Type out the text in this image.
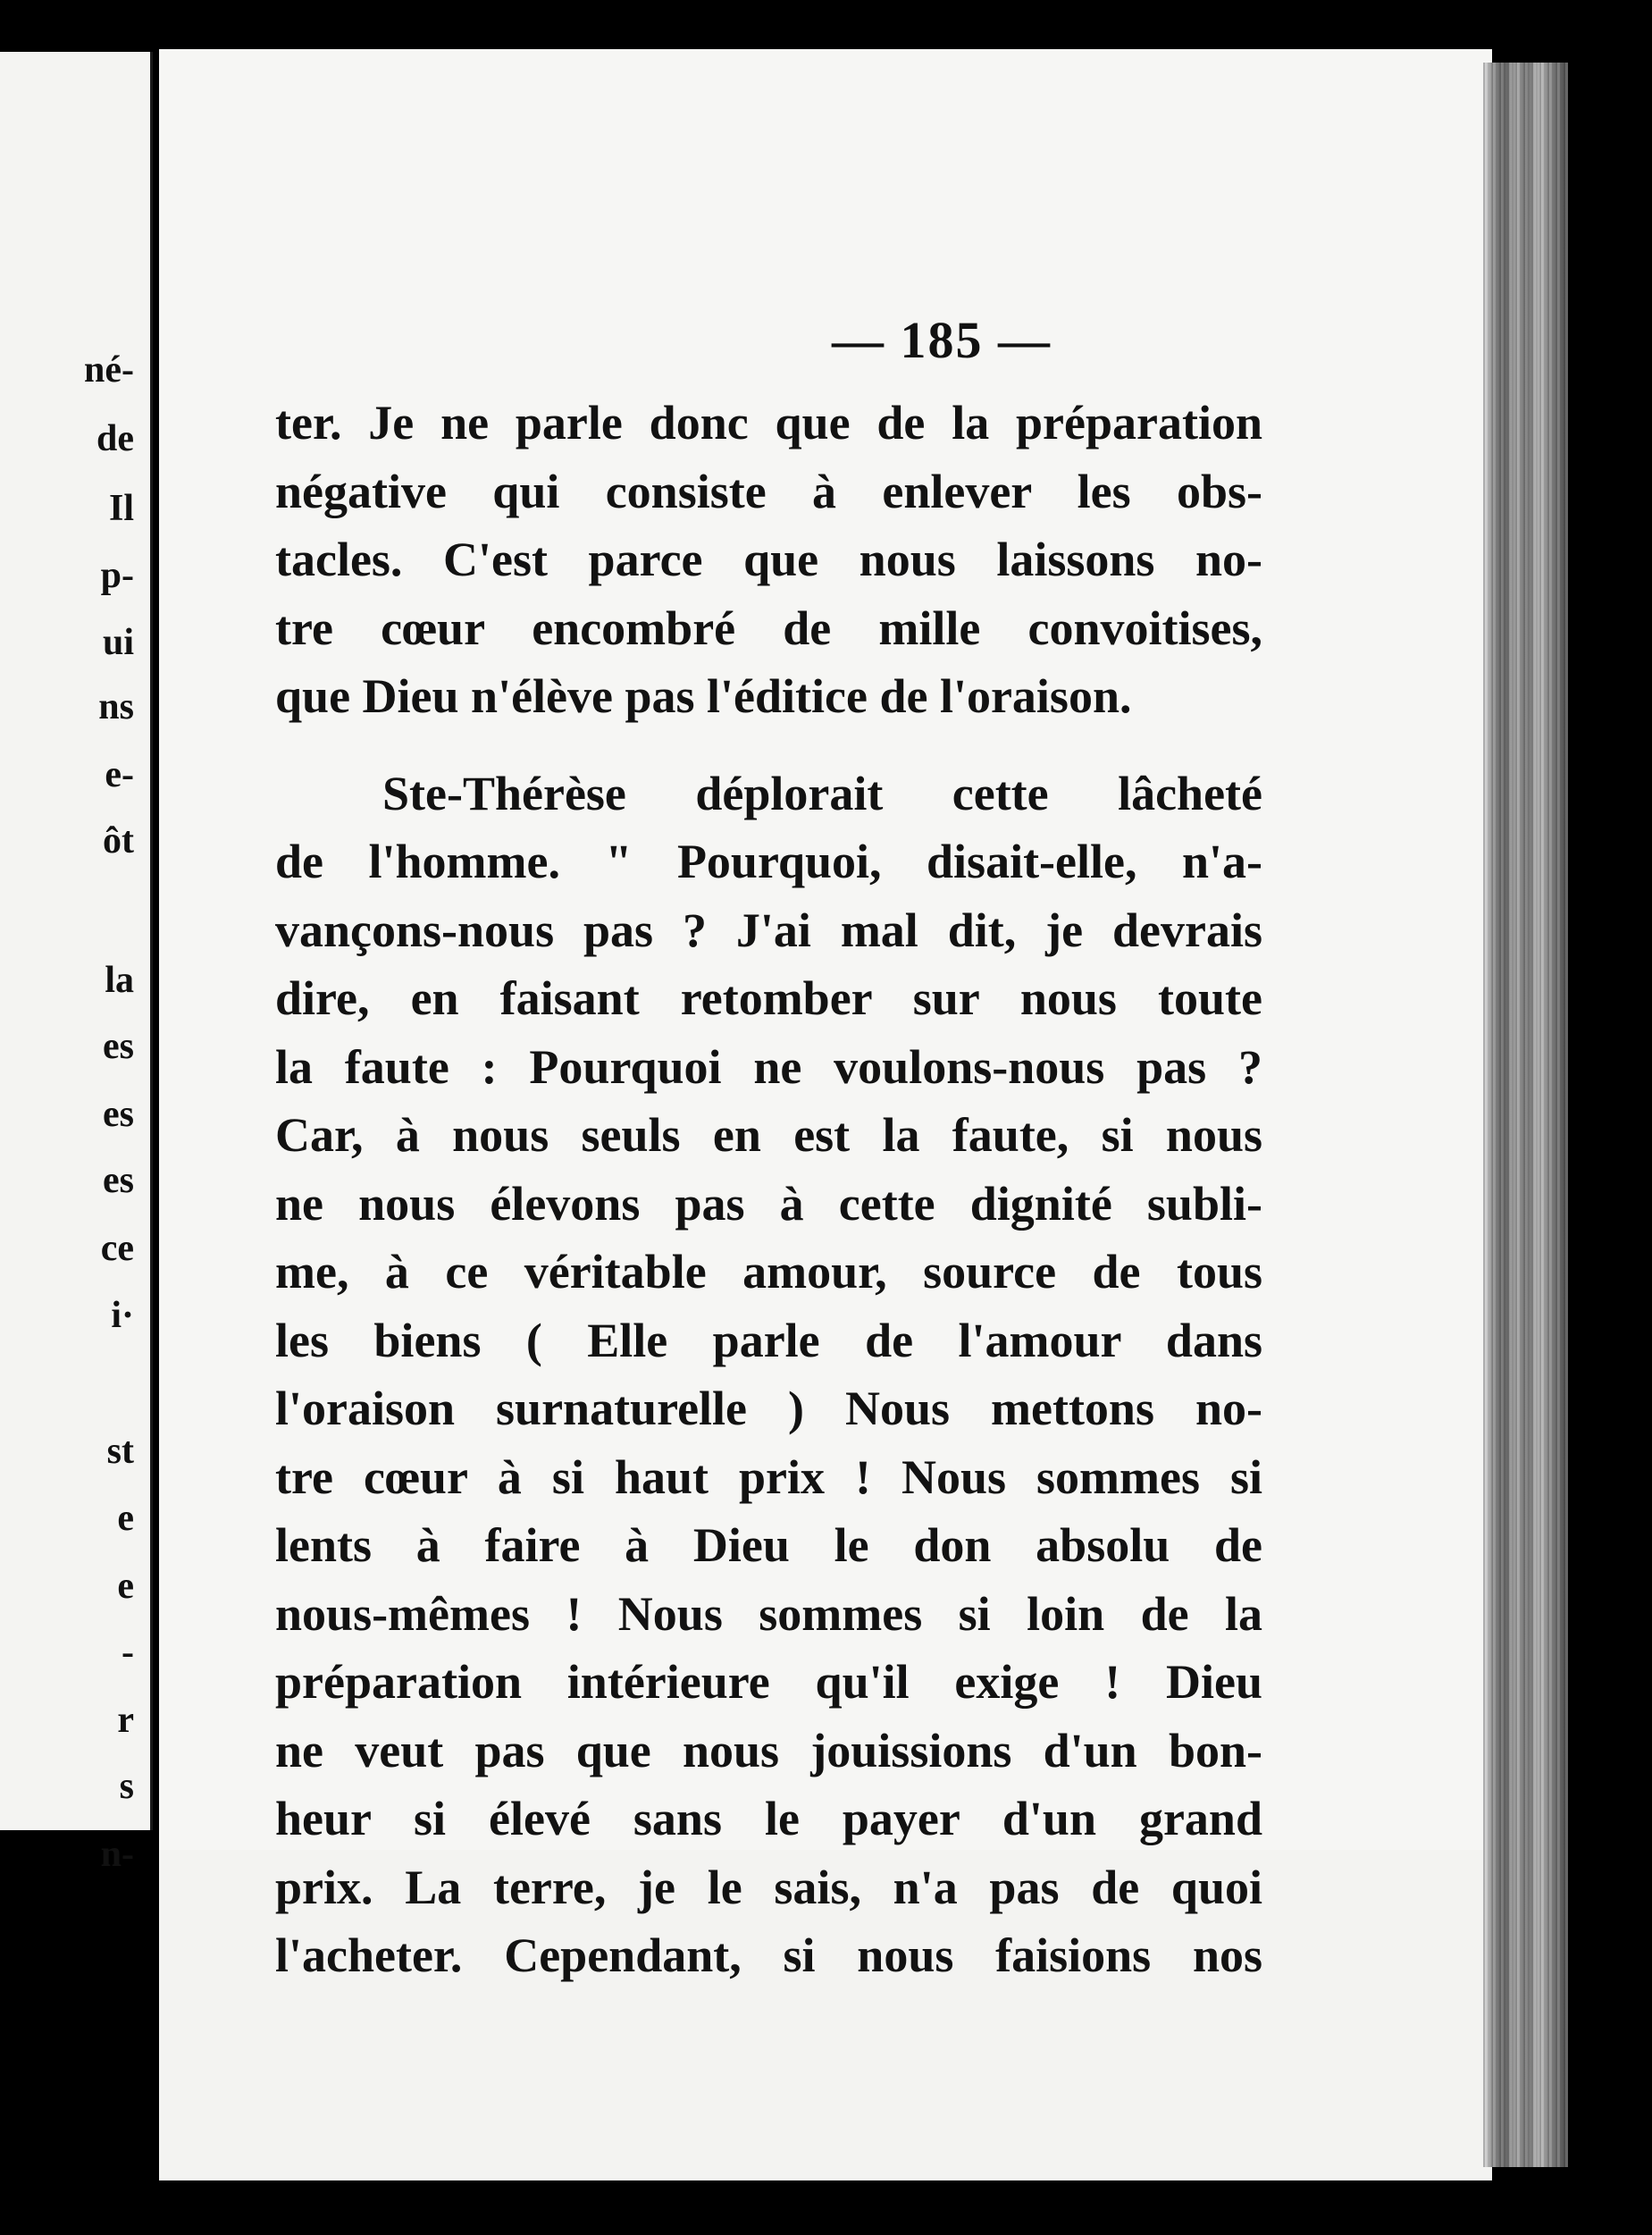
né-
de
Il
p-
ui
ns
e-
ôt
la
es
es
es
ce
i·
st
e
e
-
r
s
n-
— 185 —
ter. Je ne parle donc que de la préparation
négative qui consiste à enlever les obs-
tacles. C'est parce que nous laissons no-
tre cœur encombré de mille convoitises,
que Dieu n'élève pas l'éditice de l'oraison.
Ste-Thérèse déplorait cette lâcheté
de l'homme. " Pourquoi, disait-elle, n'a-
vançons-nous pas ? J'ai mal dit, je devrais
dire, en faisant retomber sur nous toute
la faute : Pourquoi ne voulons-nous pas ?
Car, à nous seuls en est la faute, si nous
ne nous élevons pas à cette dignité subli-
me, à ce véritable amour, source de tous
les biens ( Elle parle de l'amour dans
l'oraison surnaturelle ) Nous mettons no-
tre cœur à si haut prix ! Nous sommes si
lents à faire à Dieu le don absolu de
nous-mêmes ! Nous sommes si loin de la
préparation intérieure qu'il exige ! Dieu
ne veut pas que nous jouissions d'un bon-
heur si élevé sans le payer d'un grand
prix. La terre, je le sais, n'a pas de quoi
l'acheter. Cependant, si nous faisions nos
